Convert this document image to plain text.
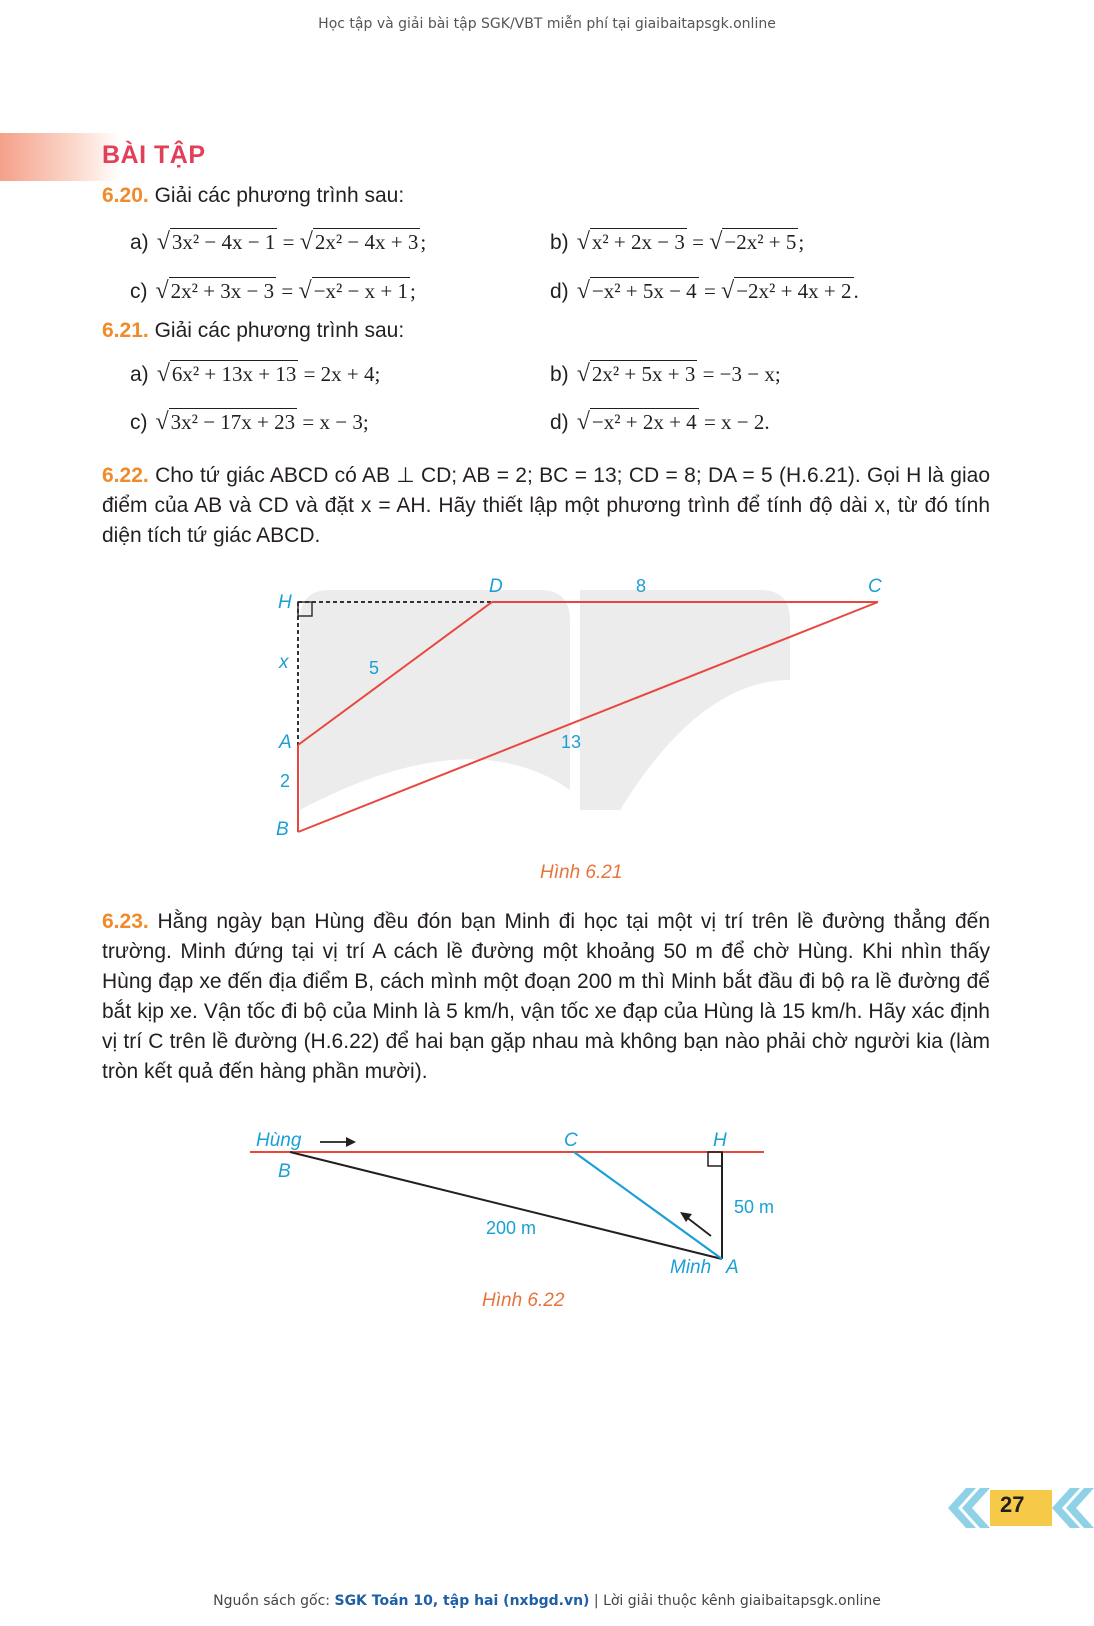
Học tập và giải bài tập SGK/VBT miễn phí tại giaibaitapsgk.online
BÀI TẬP
6.20. Giải các phương trình sau:
a) √3x² − 4x − 1 = √2x² − 4x + 3;	b) √x² + 2x − 3 = √−2x² + 5;
c) √2x² + 3x − 3 = √−x² − x + 1;	d) √−x² + 5x − 4 = √−2x² + 4x + 2.
6.21. Giải các phương trình sau:
a) √6x² + 13x + 13 = 2x + 4;	b) √2x² + 5x + 3 = −3 − x;
c) √3x² − 17x + 23 = x − 3;	d) √−x² + 2x + 4 = x − 2.
6.22. Cho tứ giác ABCD có AB ⊥ CD; AB = 2; BC = 13; CD = 8; DA = 5 (H.6.21). Gọi H là giao điểm của AB và CD và đặt x = AH. Hãy thiết lập một phương trình để tính độ dài x, từ đó tính diện tích tứ giác ABCD.
H
D	8	C
x	5
A	13
2
B
Hình 6.21
6.23. Hằng ngày bạn Hùng đều đón bạn Minh đi học tại một vị trí trên lề đường thẳng đến trường. Minh đứng tại vị trí A cách lề đường một khoảng 50 m để chờ Hùng. Khi nhìn thấy Hùng đạp xe đến địa điểm B, cách mình một đoạn 200 m thì Minh bắt đầu đi bộ ra lề đường để bắt kịp xe. Vận tốc đi bộ của Minh là 5 km/h, vận tốc xe đạp của Hùng là 15 km/h. Hãy xác định vị trí C trên lề đường (H.6.22) để hai bạn gặp nhau mà không bạn nào phải chờ người kia (làm tròn kết quả đến hàng phần mười).
Hùng
B
C	H
50 m
200 m
Minh A
Hình 6.22
27
Nguồn sách gốc: SGK Toán 10, tập hai (nxbgd.vn) | Lời giải thuộc kênh giaibaitapsgk.online
